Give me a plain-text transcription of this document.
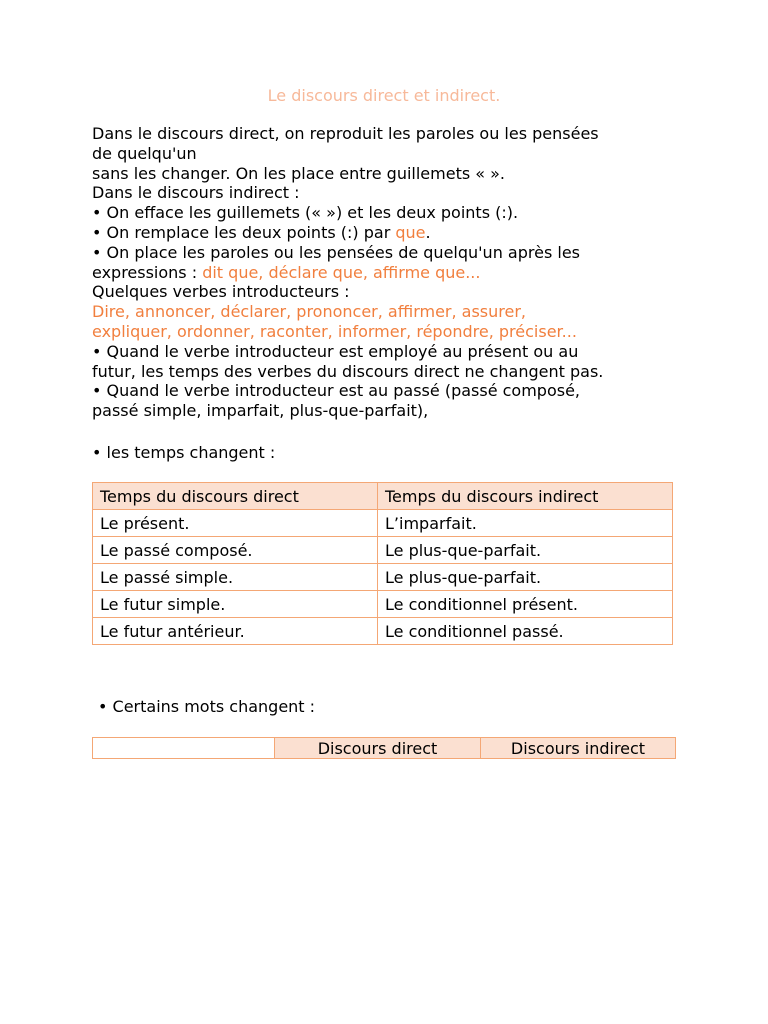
Le discours direct et indirect.
Dans le discours direct, on reproduit les paroles ou les pensées
de quelqu'un
sans les changer. On les place entre guillemets « ».
Dans le discours indirect :
• On efface les guillemets (« ») et les deux points (:).
• On remplace les deux points (:) par que.
• On place les paroles ou les pensées de quelqu'un après les
expressions : dit que, déclare que, affirme que...
Quelques verbes introducteurs :
Dire, annoncer, déclarer, prononcer, affirmer, assurer,
expliquer, ordonner, raconter, informer, répondre, préciser...
• Quand le verbe introducteur est employé au présent ou au
futur, les temps des verbes du discours direct ne changent pas.
• Quand le verbe introducteur est au passé (passé composé,
passé simple, imparfait, plus-que-parfait),
• les temps changent :
Temps du discours direct	Temps du discours indirect
Le présent.	L’imparfait.
Le passé composé.	Le plus-que-parfait.
Le passé simple.	Le plus-que-parfait.
Le futur simple.	Le conditionnel présent.
Le futur antérieur.	Le conditionnel passé.
• Certains mots changent :
	Discours direct	Discours indirect
